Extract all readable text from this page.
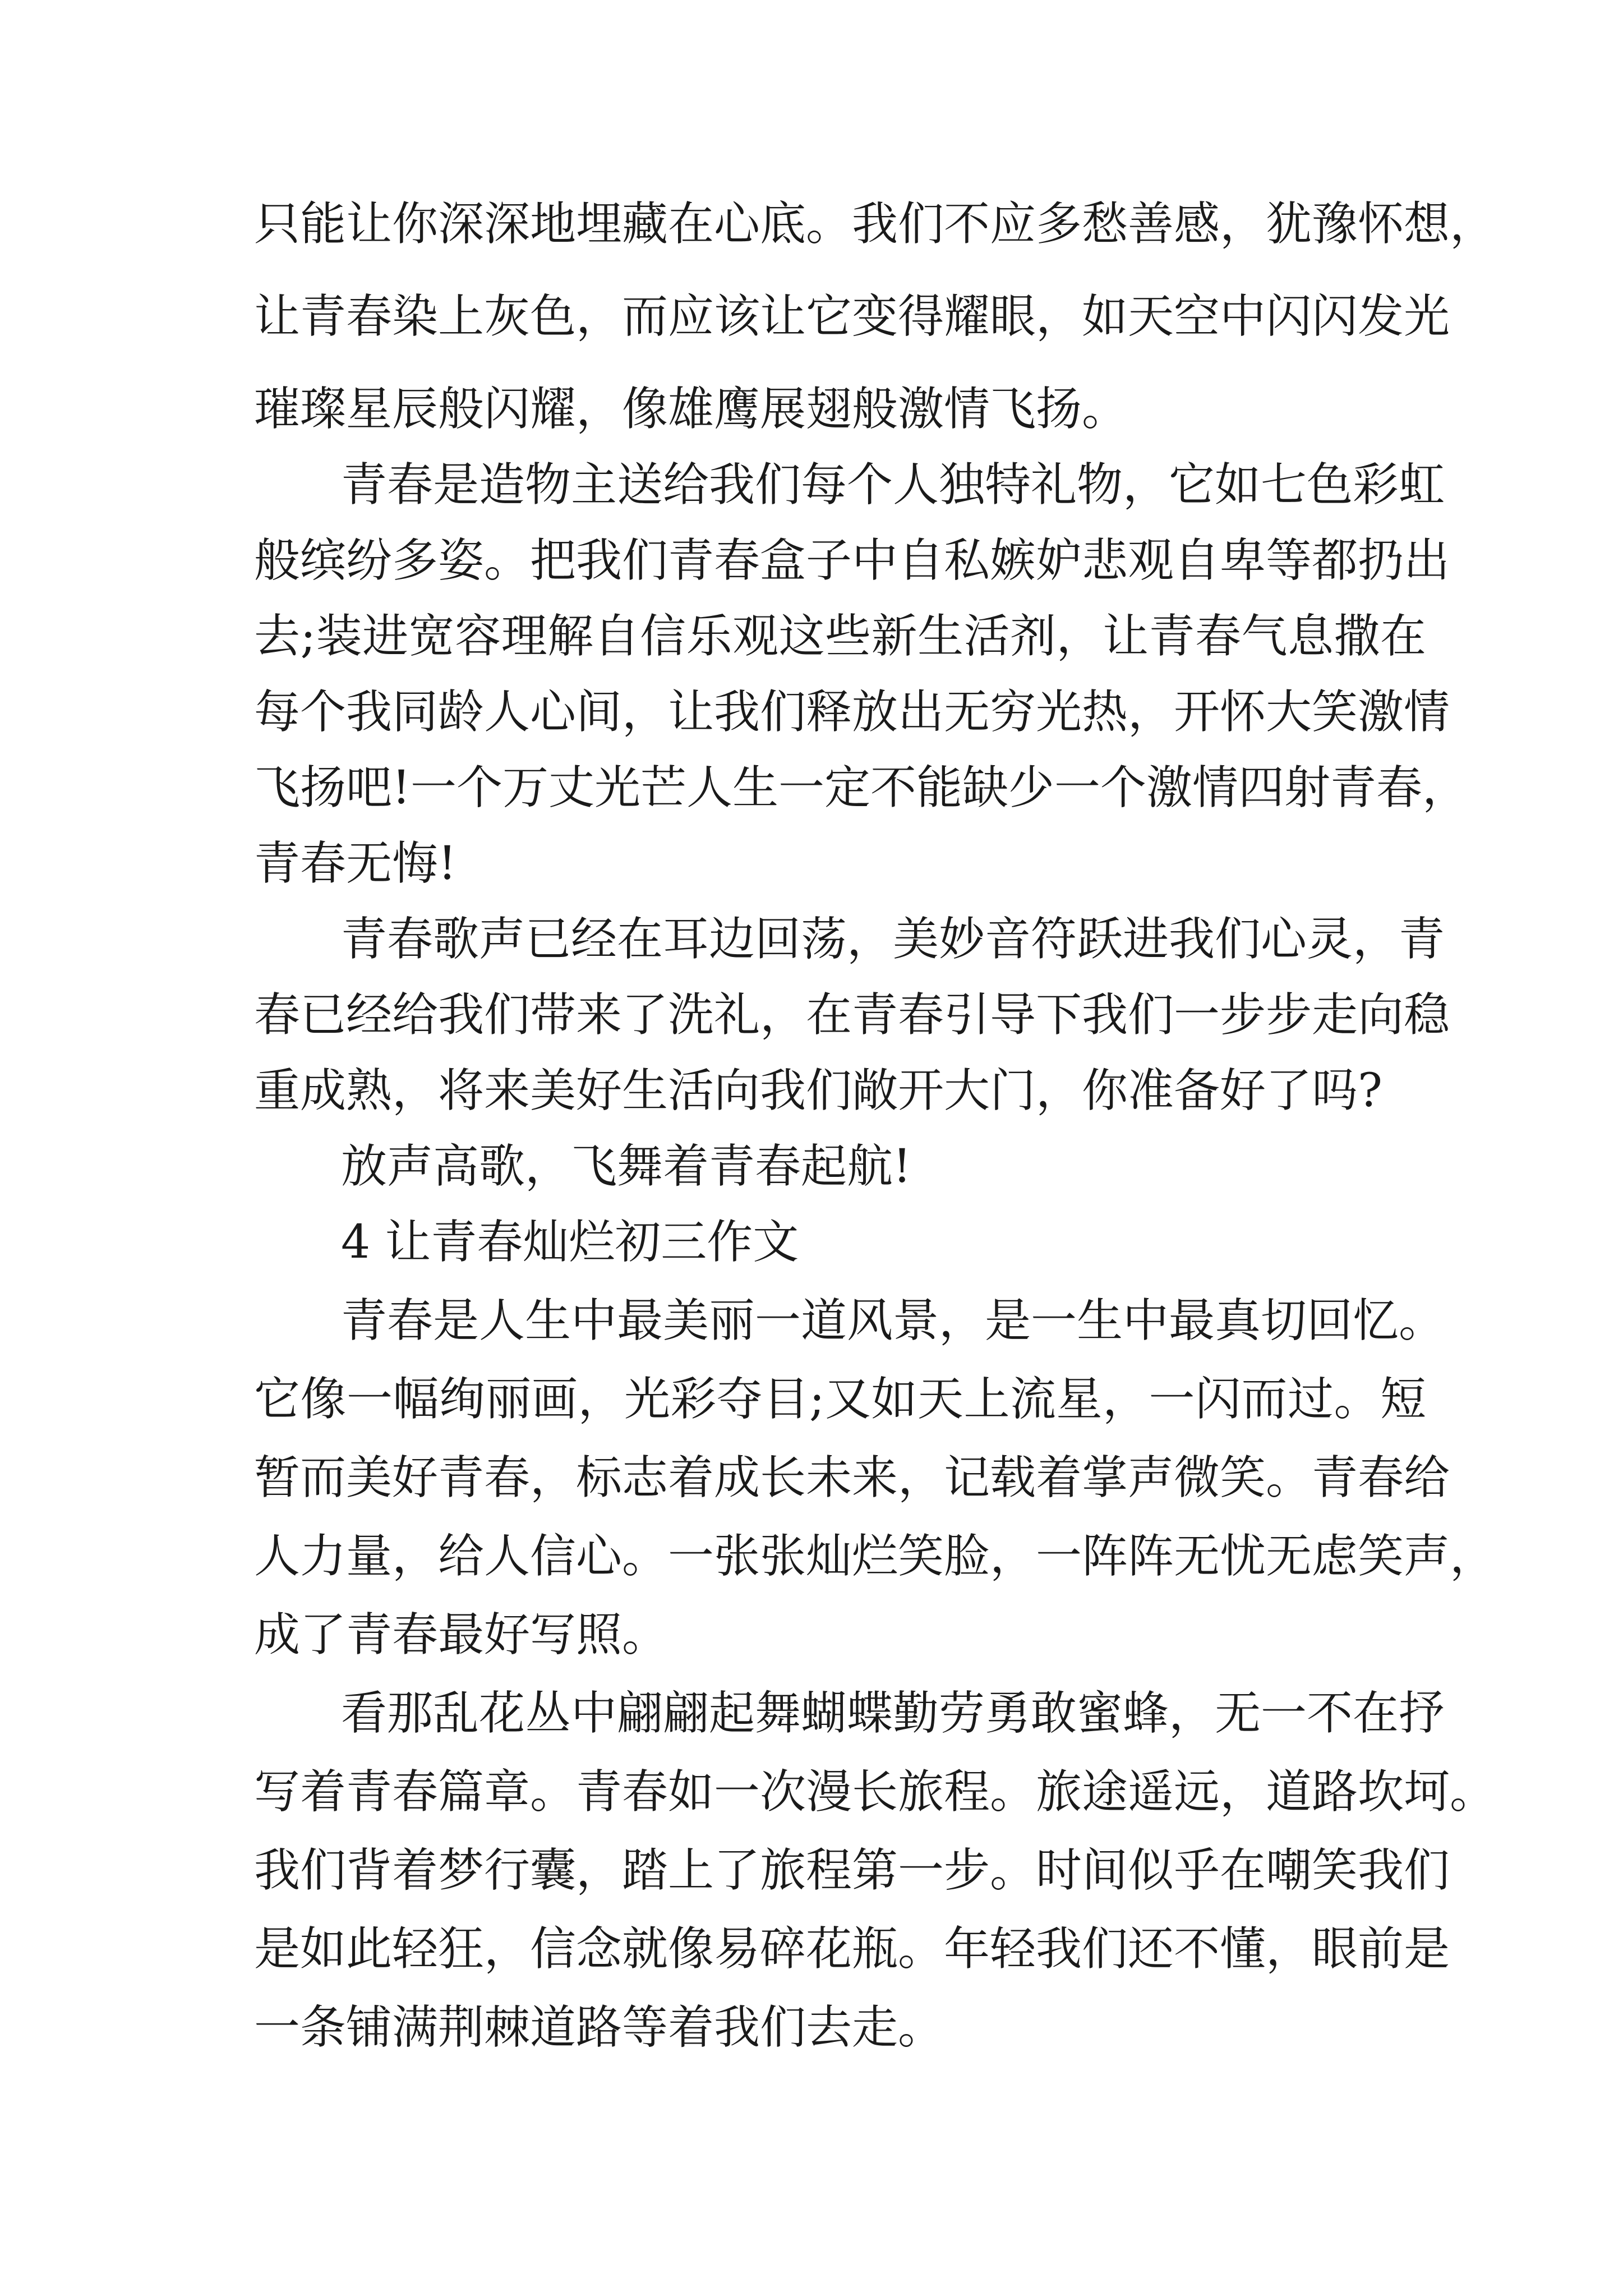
只能让你深深地埋藏在心底。我们不应多愁善感，犹豫怀想，
让青春染上灰色，而应该让它变得耀眼，如天空中闪闪发光
璀璨星辰般闪耀，像雄鹰展翅般激情飞扬。
青春是造物主送给我们每个人独特礼物，它如七色彩虹
般缤纷多姿。把我们青春盒子中自私嫉妒悲观自卑等都扔出
去;装进宽容理解自信乐观这些新生活剂，让青春气息撒在
每个我同龄人心间，让我们释放出无穷光热，开怀大笑激情
飞扬吧!一个万丈光芒人生一定不能缺少一个激情四射青春，
青春无悔!
青春歌声已经在耳边回荡，美妙音符跃进我们心灵，青
春已经给我们带来了洗礼，在青春引导下我们一步步走向稳
重成熟，将来美好生活向我们敞开大门，你准备好了吗?
放声高歌，飞舞着青春起航!
4 让青春灿烂初三作文
青春是人生中最美丽一道风景，是一生中最真切回忆。
它像一幅绚丽画，光彩夺目;又如天上流星，一闪而过。短
暂而美好青春，标志着成长未来，记载着掌声微笑。青春给
人力量，给人信心。一张张灿烂笑脸，一阵阵无忧无虑笑声，
成了青春最好写照。
看那乱花丛中翩翩起舞蝴蝶勤劳勇敢蜜蜂，无一不在抒
写着青春篇章。青春如一次漫长旅程。旅途遥远，道路坎坷。
我们背着梦行囊，踏上了旅程第一步。时间似乎在嘲笑我们
是如此轻狂，信念就像易碎花瓶。年轻我们还不懂，眼前是
一条铺满荆棘道路等着我们去走。
